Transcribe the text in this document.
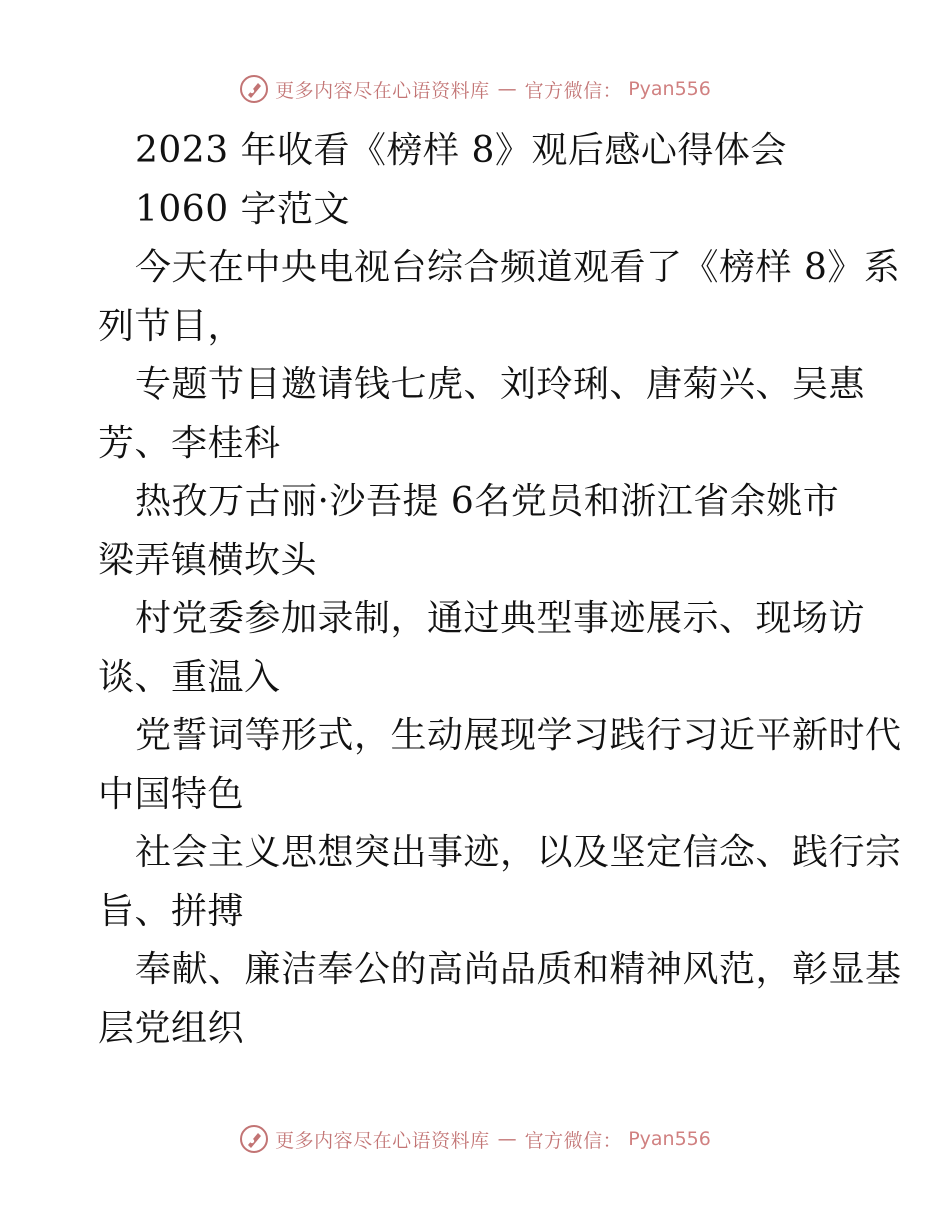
更多内容尽在心语资料库 — 官方微信： Pyan556
2023 年收看《榜样 8》观后感心得体会
1060 字范文
今天在中央电视台综合频道观看了《榜样 8》系
列节目，
专题节目邀请钱七虎、刘玲琍、唐菊兴、吴惠
芳、李桂科
热孜万古丽·沙吾提 6名党员和浙江省余姚市
梁弄镇横坎头
村党委参加录制，通过典型事迹展示、现场访
谈、重温入
党誓词等形式，生动展现学习践行习近平新时代
中国特色
社会主义思想突出事迹，以及坚定信念、践行宗
旨、拼搏
奉献、廉洁奉公的高尚品质和精神风范，彰显基
层党组织
更多内容尽在心语资料库 — 官方微信： Pyan556
